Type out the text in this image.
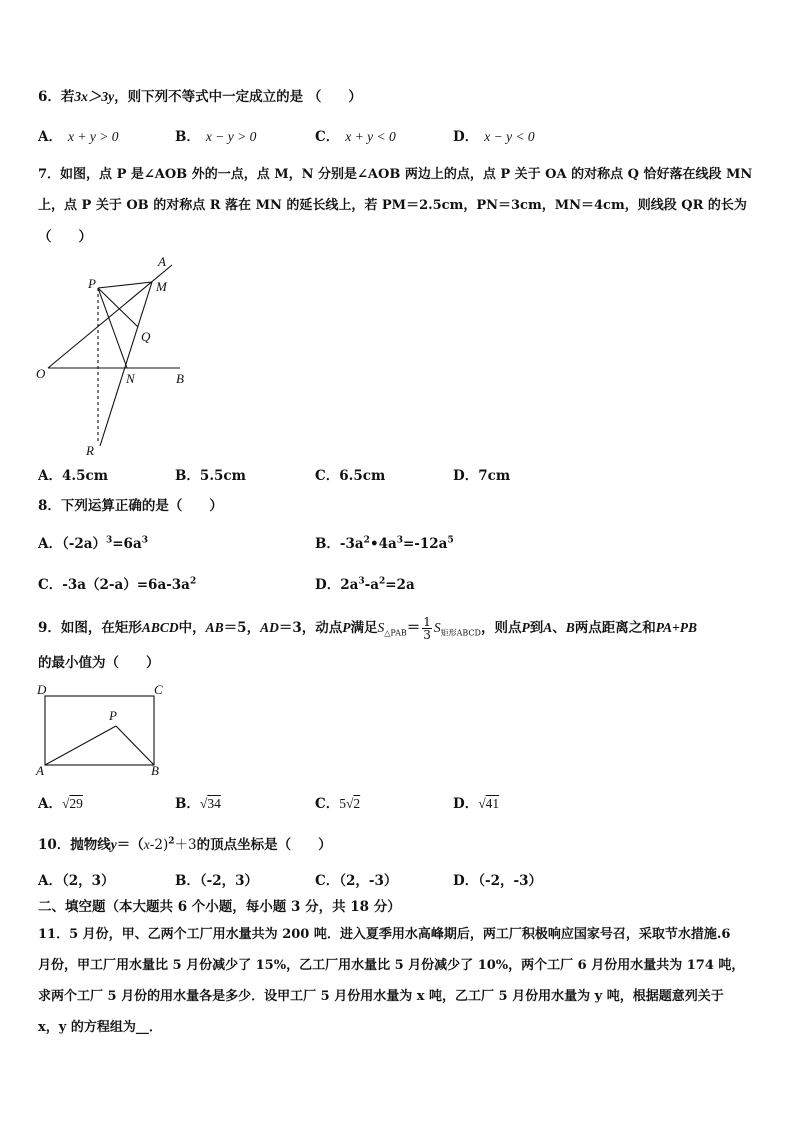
6．若3x＞3y，则下列不等式中一定成立的是 （　　）
A． x + y > 0	B． x − y > 0	C． x + y < 0	D． x − y < 0
7．如图，点 P 是∠AOB 外的一点，点 M，N 分别是∠AOB 两边上的点，点 P 关于 OA 的对称点 Q 恰好落在线段 MN
上，点 P 关于 OB 的对称点 R 落在 MN 的延长线上，若 PM＝2.5cm，PN＝3cm，MN＝4cm，则线段 QR 的长为
（　　）
A
P	M
Q
O	N	B
R
A．4.5cm	B．5.5cm	C．6.5cm	D．7cm
8．下列运算正确的是（　　）
A．$(-2a)^3=6a^3$	B．$-3a^2•4a^3=-12a^5$
C．$-3a(2-a)=6a-3a^2$	D．$2a^3-a^2=2a$
9．如图，在矩形ABCD中，AB＝5，AD＝3，动点P满足$S_{\triangle PAB}= \frac{1}{3} S_{矩形ABCD}$，则点P到A、B两点距离之和PA+PB
的最小值为（　　）
D	C
P
A	B
A．√29	B．√34	C．5√2	D．√41
10．抛物线y＝（x-2)$^2$＋3的顶点坐标是（　　）
A．（2，3）	B．（-2，3）	C．（2，-3）	D．（-2，-3）
二、填空题（本大题共 6 个小题，每小题 3 分，共 18 分）
11．5 月份，甲、乙两个工厂用水量共为 200 吨．进入夏季用水高峰期后，两工厂积极响应国家号召，采取节水措施.6
月份，甲工厂用水量比 5 月份减少了 15%，乙工厂用水量比 5 月份减少了 10%，两个工厂 6 月份用水量共为 174 吨，
求两个工厂 5 月份的用水量各是多少．设甲工厂 5 月份用水量为 x 吨，乙工厂 5 月份用水量为 y 吨，根据题意列关于
x，y 的方程组为__．
